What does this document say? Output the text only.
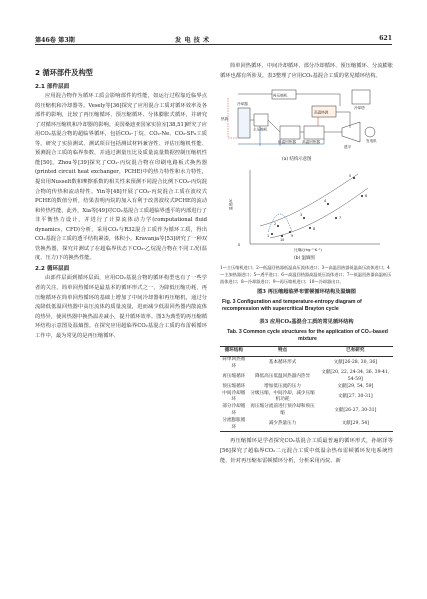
第46卷 第3期	发 电 技 术	621

2 循环部件及构型

2.1 部件层面

应用混合物作为循环工质会影响部件的性能，如运行过程靠近临界点的压缩机和冷却器等。Vesely等[36]探究了应用混合工质对循环效率及各部件的影响，比较了再压缩循环、预压缩循环、分体膨胀式循环，并研究了对循环压缩机和冷却器的影响。美国桑迪亚国家实验室[38,51]研究了应用CO₂基混合物的超临界循环，包括CO₂-丁烷、CO₂-Ne、CO₂-SF₆工质等。研究了实验测试、测试项目包括测试材料兼容性、评估压缩机性能、预测混合工质的临界参数，并通过测量压比及质量流量数据控制压缩机性能[50]。Zhou等[39]探究了CO₂-丙烷混合物在印刷电路板式换热器(printed circuit heat exchanger，PCHE)中的热力特性和水力特性，提出用Nusselt数和摩擦系数的相关性来预测不同混合比例下CO₂-丙烷混合物的传热和流动特性。Yin等[48]开展了CO₂-丙烷混合工质在波纹式PCHE的数值分析，结果表明丙烷的加入有利于改善波纹式PCHE的流动和传热性能。此外，Xia等[49]对CO₂基混合工质超临界透平的内部进行了非平衡热力设计，并进行了计算流体动力学(computational fluid dynamics，CFD)分析，采用CO₂与R32混合工质作为循环工质，得出CO₂基混合工质的透平结构紧凑，体积小。Kravanja等[53]研究了一种双管换热器，探究并测试了在超临界状态下CO₂-乙烷混合物在不同工况(温度、压力)下的换热性能。

2.2 循环层面

由部件层面到循环层面，应用CO₂基混合物的循环构型也有了一些学者的关注。简单回热循环是最基本的循环形式之一，为降低压缩功耗，再压缩循环在简单回热循环的基础上增加了中间冷却器和再压缩机，通过分流降低低温回热器中高压流体的质量流量，进而减少低温回热器内散流体的热异，使回热器中换热温差减小，提升循环效率。图3为典型的再压缩循环结构示意图及温熵图。在探究应用超临界CO₂基混合工质的布雷顿循环工作中，最为常见的是再压缩循环、

简单回热循环、中间冷却循环、部分冷却循环、预压缩循环、分流膨胀循环也都有所涉及。表3整理了应用CO₂基混合工质的常见循环结构。

再压缩机
冷却器
主压缩机
低温回热器 高温回热器
高温热源
透平
发电机
冷却塔
热源
(a) 结构示意图
1
2
3
4
5
6
7
8
9
10
0
温度/K
比熵/(J·kg⁻¹·K⁻¹)
(b) 温熵图
1—主压缩机进口；2—低温回热器低温高压流体进口；3—高温回热器低温高压流体进口；4—主加热器进口；5—透平进口；6—高温回热器高温低压流体进口；7—低温回热器高温低压流体进口；8—冷却器进口；9—再压缩机进口；10—冷却器出口。
图3 再压缩超临界布雷顿循环结构及温熵图
Fig. 3 Configuration and temperature-entropy diagram of recompression with supercritical Brayton cycle
表3 应用CO₂基混合工质的常见循环结构
Tab. 3 Common cycle structures for the application of CO₂-based mixture
循环结构	特点	已有研究
简单回热循环	基本循环形式	文献[26-28, 30, 36]
再压缩循环	降低高压低温回热器内热异	文献[20, 22, 24-34, 36, 39-41, 54-59]
预压缩循环	增加低压流的压力	文献[29, 54, 59]
中间冷却循环	分级压缩，中间冷却，减少压缩机功耗	文献[27, 30-31]
部分冷却循环	再压缩分流前进行预冷却和预压缩	文献[26-27, 30-31]
分流膨胀循环	减少热量压力	文献[29, 54]

再压缩循环是学者探究CO₂基混合工质最普遍的循环形式，孙铭泽等[56]探究了超临界CO₂二元混合工质中低温余热布雷顿循环发电系统性能，针对再压缩布雷顿循环分析，分析采用丙烷、新
